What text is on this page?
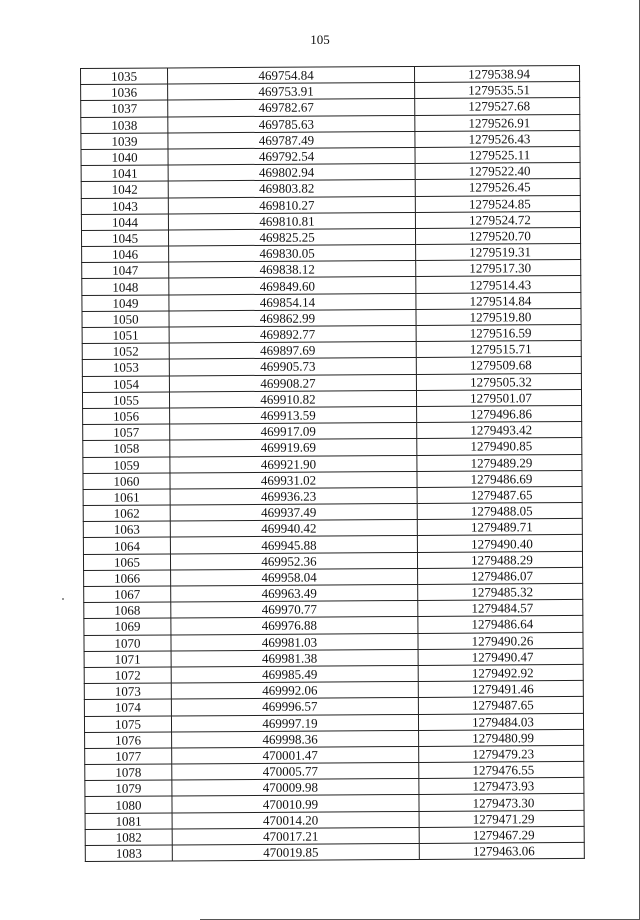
105
1035	469754.84	1279538.94
1036	469753.91	1279535.51
1037	469782.67	1279527.68
1038	469785.63	1279526.91
1039	469787.49	1279526.43
1040	469792.54	1279525.11
1041	469802.94	1279522.40
1042	469803.82	1279526.45
1043	469810.27	1279524.85
1044	469810.81	1279524.72
1045	469825.25	1279520.70
1046	469830.05	1279519.31
1047	469838.12	1279517.30
1048	469849.60	1279514.43
1049	469854.14	1279514.84
1050	469862.99	1279519.80
1051	469892.77	1279516.59
1052	469897.69	1279515.71
1053	469905.73	1279509.68
1054	469908.27	1279505.32
1055	469910.82	1279501.07
1056	469913.59	1279496.86
1057	469917.09	1279493.42
1058	469919.69	1279490.85
1059	469921.90	1279489.29
1060	469931.02	1279486.69
1061	469936.23	1279487.65
1062	469937.49	1279488.05
1063	469940.42	1279489.71
1064	469945.88	1279490.40
1065	469952.36	1279488.29
1066	469958.04	1279486.07
1067	469963.49	1279485.32
1068	469970.77	1279484.57
1069	469976.88	1279486.64
1070	469981.03	1279490.26
1071	469981.38	1279490.47
1072	469985.49	1279492.92
1073	469992.06	1279491.46
1074	469996.57	1279487.65
1075	469997.19	1279484.03
1076	469998.36	1279480.99
1077	470001.47	1279479.23
1078	470005.77	1279476.55
1079	470009.98	1279473.93
1080	470010.99	1279473.30
1081	470014.20	1279471.29
1082	470017.21	1279467.29
1083	470019.85	1279463.06
